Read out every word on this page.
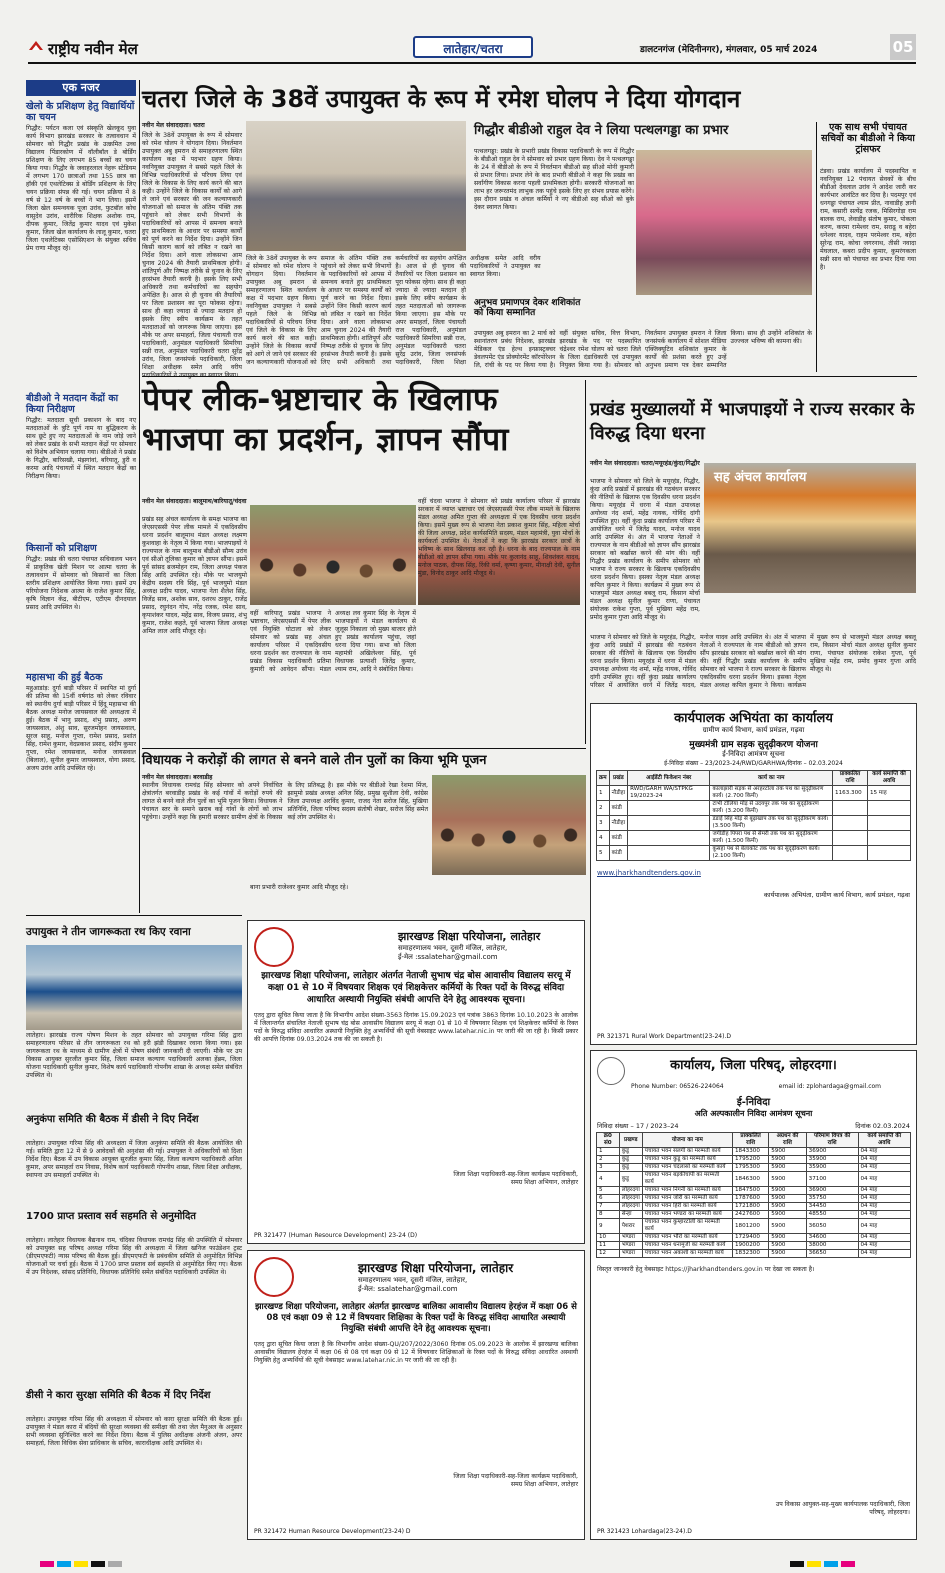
राष्ट्रीय नवीन मेल	लातेहार/चतरा	डालटनगंज (मेदिनीनगर), मंगलवार, 05 मार्च 2024	05
एक नजर
खेलो के प्रशिक्षण हेतु विद्यार्थियों का चयन
गिद्धौर: पर्यटन कला एवं संस्कृति खेलकूद युवा कार्य विभाग झारखंड सरकार के तत्वावधान में सोमवार को गिद्धौर प्रखंड के उत्क्रमित उच्च विद्यालय पिंडारकोण में वॉलीबॉल डे बोर्डिंग प्रशिक्षण के लिए लगभग 85 बच्चों का चयन किया गया। गिद्धौर के जवाहरलाल नेहरू स्टेडियम में लगभग 170 छात्राओं तथा 155 छात्र का हॉकी एवं एथलेटिक्स डे बोर्डिंग प्रशिक्षण के लिए चयन प्रक्रिया संपन्न की गई। चयन प्रक्रिया में 8 वर्ष से 12 वर्ष के बच्चों ने भाग लिया। इसमें जिला खेल समन्वयक पूजा उरांव, फुटबॉल कोच वासुदेव उरांव, शारीरिक शिक्षक अशोक राम, दीपक कुमार, जितेंद्र कुमार यादव एवं मुकेश कुमार, जिला खेल कार्यालय के लालू कुमार, चतरा जिला एथलेटिक्स एसोसिएशन के संयुक्त सचिव प्रेम राणा मौजूद रहे।
बीडीओ ने मतदान केंद्रों का किया निरीक्षण
गिद्धौर: मतदाता सूची प्रकाशन के बाद नए मतदाताओं के त्रुटि पूर्ण नाम या बुद्धिकरण के साथ छूटे हुए नए मतदाताओं के नाम जोड़े जाने को लेकर प्रखंड के सभी मतदान केंद्रों पर सोमवार को विशेष अभियान चलाया गया। बीडीओ ने प्रखंड के गिद्धौर, बारिसखी, मंझगांवां, बरियातू, डुरी व करमा आदि पंचायतों में स्थित मतदान केंद्रों का निरीक्षण किया।
किसानों को प्रशिक्षण
गिद्धौर: प्रखंड की चतरा पंचायत सचिवालय भवन में प्राकृतिक खेती मिशन पर आत्मा चतरा के तत्वावधान में सोमवार को किसानों का जिला स्तरीय प्रशिक्षण आयोजित किया गया। इसमें उप परियोजना निदेशक आत्मा के राजेश कुमार सिंह, कृषि विज्ञान केंद्र, बीटीएम, एटीएम दीनदयाल प्रसाद आदि उपस्थित थे।
महासभा की हुई बैठक
महुआडांड़: दुर्गा बाड़ी परिसर में स्थापित मां दुर्गा की प्रतिमा की 15वीं वर्षगांठ को लेकर रविवार को स्थानीय दुर्गा बाड़ी परिसर में हिंदू महासभा की बैठक अध्यक्ष मनोज जायसवाल की अध्यक्षता में हुई। बैठक में भानु प्रसाद, शंभु प्रसाद, अरुण जायसवाल, अंशु साव, सुरजमोहन जायसवाल, सूरज साहू, मनोज गुप्ता, रामेश प्रसाद, प्रशांत सिंह, रामेश कुमार, वेदप्रकाश प्रसाद, संदीप कुमार गुप्ता, रमेश जायसवाल, मनोज जायसवाल (बिलाल), सुनील कुमार जायसवाल, योगा प्रसाद, अजय उरांव आदि उपस्थित रहे।
चतरा जिले के 38वें उपायुक्त के रूप में रमेश घोलप ने दिया योगदान
नवीन मेल संवाददाता। चतरा
जिले के 38वें उपायुक्त के रूप में सोमवार को रमेश घोलप ने योगदान दिया। निवर्तमान उपायुक्त अबु इमरान से समाहरणालय स्थित कार्यालय कक्ष में पदभार ग्रहण किया। नवनियुक्त उपायुक्त ने सबसे पहले जिले के विभिन्न पदाधिकारियों से परिचय लिया एवं जिले के विकास के लिए कार्य करने की बात कही। उन्होंने जिले के विकास कार्यों को आगे ले जाने एवं सरकार की जन कल्याणकारी योजनाओं को समाज के अंतिम पंक्ति तक पहुंचाने को लेकर सभी विभागों के पदाधिकारियों को आपस में समन्वय बनाते हुए प्राथमिकता के आधार पर समस्या कार्यों को पूर्ण करने का निर्देश दिया। उन्होंने जिन किसी कारण कार्य को लंबित न रखने का निर्देश दिया। आने वाला लोकसभा आम चुनाव 2024 की तैयारी प्राथमिकता होगी। शांतिपूर्ण और निष्पक्ष तरीके से चुनाव के लिए हरसंभव तैयारी करनी है। इसके लिए सभी अधिकारी तथा कर्मचारियों का सहयोग अपेक्षित है। आज से ही चुनाव की तैयारियों पर जिला प्रशासन का पूरा फोकस रहेगा। साथ ही कहा ज्यादा से ज्यादा मतदान हो इसके लिए स्वीप कार्यक्रम के तहत मतदाताओं को जागरूक किया जाएगा। इस मौके पर अपर समाहर्ता, जिला पंचायती राज पदाधिकारी, अनुमंडल पदाधिकारी सिमरिया सन्नी राज, अनुमंडल पदाधिकारी चतरा सुरेंद्र उरांव, जिला जनसंपर्क पदाधिकारी, जिला शिक्षा अधीक्षक समेत आदि वरीय
जिले के 38वें उपायुक्त के रूप में सोमवार को रमेश घोलप ने योगदान दिया। निवर्तमान उपायुक्त अबु इमरान से समाहरणालय स्थित कार्यालय कक्ष में पदभार ग्रहण किया। नवनियुक्त उपायुक्त ने सबसे पहले जिले के विभिन्न पदाधिकारियों से परिचय लिया एवं जिले के विकास के लिए कार्य करने की बात कही। उन्होंने जिले के विकास कार्यों को आगे ले जाने एवं सरकार की जन कल्याणकारी योजनाओं को समाज के अंतिम पंक्ति तक पहुंचाने को लेकर सभी विभागों के पदाधिकारियों को आपस में समन्वय बनाते हुए प्राथमिकता के आधार पर समस्या कार्यों को पूर्ण करने का निर्देश दिया। उन्होंने जिन किसी कारण कार्य को लंबित न रखने का निर्देश दिया। आने वाला लोकसभा आम चुनाव 2024 की तैयारी प्राथमिकता होगी। शांतिपूर्ण और निष्पक्ष तरीके से चुनाव के लिए हरसंभव तैयारी करनी है। इसके लिए सभी अधिकारी तथा कर्मचारियों का सहयोग अपेक्षित है। आज से ही चुनाव की तैयारियों पर जिला प्रशासन का पूरा फोकस रहेगा। साथ ही कहा ज्यादा से ज्यादा मतदान हो इसके लिए स्वीप कार्यक्रम के तहत मतदाताओं को जागरूक किया जाएगा। इस मौके पर अपर समाहर्ता, जिला पंचायती राज पदाधिकारी, अनुमंडल पदाधिकारी सिमरिया सन्नी राज, अनुमंडल पदाधिकारी चतरा सुरेंद्र उरांव, जिला जनसंपर्क पदाधिकारी, जिला शिक्षा अधीक्षक समेत आदि वरीय पदाधिकारियों ने उपायुक्त का स्वागत किया।
गिद्धौर बीडीओ राहुल देव ने लिया पत्थलगड्डा का प्रभार
पत्थलगड्डा: प्रखंड के प्रभारी प्रखंड विकास पदाधिकारी के रूप में गिद्धौर के बीडीओ राहुल देव ने सोमवार को प्रभार ग्रहण किया। देव ने पत्थलगड्डा के 24 वें बीडीओ के रूप में निवर्तमान बीडीओ सह सीओ मोनी कुमारी से प्रभार लिया। प्रभार लेने के बाद प्रभारी बीडीओ ने कहा कि प्रखंड का सर्वांगीण विकास करना पहली प्राथमिकता होगी। सरकारी योजनाओं का लाभ हर जरूरतमंद लाभुक तक पहुंचे इसके लिए हर संभव प्रयास करेंगे। इस दौरान प्रखंड व अंचल कर्मियों ने नए बीडीओ सह सीओ को बुके देकर स्वागत किया।
अनुभव प्रमाणपत्र देकर शशिकांत को किया सम्मानित
उपायुक्त अबु इमरान का 2 मार्च को स्थानांतरण प्रबंध निदेशक, झारखंड मेडिकल एंड हेल्थ इन्फ्रास्ट्रक्चर डेवलपमेंट एंड प्रोक्योरमेंट कॉरपोरेशन लि, रांची के पद पर किया गया है। वहीं संयुक्त सचिव, वित्त विभाग, झारखंड के पद पर पदस्थापित चंद्रेश्वर रमेश घोलप को चतरा जिले के जिला दंडाधिकारी एवं उपायुक्त नियुक्त किया गया है। सोमवार को निवर्तमान उपायुक्त इमरान ने जिला जनसंपर्क कार्यालय में सोशल मीडिया एक्जिक्यूटिव शशिकांत कुमार के कार्यों की प्रशंसा करते हुए उन्हें अनुभव प्रमाण पत्र देकर सम्मानित किया। साथ ही उन्होंने शशिकांत के उज्ज्वल भविष्य की कामना की।
एक साथ सभी पंचायत सचिवों का बीडीओ ने किया ट्रांसफर
टंडवा। प्रखंड कार्यालय में पदस्थापित व नवनियुक्त 12 पंचायत सेवकों के बीच बीडीओ देवलाल उरांव ने आदेश जारी कर कार्यभार आवंटित कर दिया है। पदमपुर एवं धनगड्डा पंचायत श्याम प्रीत, नावाडीह ज्ञानी राम, कसारी सत्येंद्र रजक, मिसिरगोड़ा राम बालक राय, लेवाडीह संतोष कुमार, पोकला करण, करमा रामेश्वर राम, सराढू व बहेरा धनेश्वर यादव, राहम परमेश्वर राम, बहेरा सुरेन्द्र राम, कोचा जगरनाथ, तीसी नवादा मेघलाल, कबरा प्रदीप कुमार, कुमरंगकला सन्नी साव को पंचायत का प्रभार दिया गया है।
पेपर लीक-भ्रष्टाचार के खिलाफ
भाजपा का प्रदर्शन, ज्ञापन सौंपा
नवीन मेल संवाददाता। बालूमाथ/बारियातू/चंदवा
प्रखंड सह अंचल कार्यालय के समक्ष भाजपा का जेएसएससी पेपर लीक मामले में एकदिवसीय धरना प्रदर्शन बालूमाथ मंडल अध्यक्ष लक्ष्मण कुशवाहा के नेतृत्व में किया गया। भाजपाइयों ने राज्यपाल के नाम बालूमाथ बीडीओ सौम्य उरांव एवं सीओ तूलिका कुमार को ज्ञापन सौंपा। इसमें पूर्व सांसद ब्रजमोहन राम, जिला अध्यक्ष पंकज सिंह आदि उपस्थित रहे। मौके पर भाजयुमो केंद्रीय सदस्य रवि सिंह, पूर्व भाजयुमो मंडल अध्यक्ष प्रदीप यादव, भाजपा नेता शैलेश सिंह, विजेंद्र साव, अशोक साव, दशरथ ठाकुर, राजेंद्र प्रसाद, रघुनंदन गोप, नरेंद्र रजक, रमेश साव, कृपाशंकर यादव, महेंद्र साव, विजय प्रसाद, शंभु कुमार, राजेश कहते, पूर्व भाजपा जिला अध्यक्ष अमित लाल आदि मौजूद रहे।
वहीं बारियातू प्रखंड भाजपा ने भ्रष्टाचार, जेएसएससी में पेपर लीक एवं नियुक्ति घोटाला को लेकर सोमवार को प्रखंड सह अंचल कार्यालय परिसर में एकदिवसीय धरना प्रदर्शन कर राज्यपाल के नाम प्रखंड विकास पदाधिकारी प्रतिमा कुमारी को आवेदन सौंपा। मंडल अध्यक्ष लव कुमार सिंह के नेतृत्व में भाजपाइयों ने मंडल कार्यालय से जुलूस निकाला जो मुख्य बाजार होते हुए प्रखंड कार्यालय पहुंचा, जहां धरना दिया गया। सभा को जिला महामंत्री अखिलेश्वर सिंह, पूर्व विधायक प्रत्याशी जितेंद्र कुमार, श्याम राम, आदि ने संबोधित किया।
वहीं चंदवा भाजपा ने सोमवार को प्रखंड कार्यालय परिसर में झारखंड सरकार में व्याप्त भ्रष्टाचार एवं जेएसएससी पेपर लीक मामले के खिलाफ मंडल अध्यक्ष अमित गुप्ता की अध्यक्षता में एक दिवसीय धरना प्रदर्शन किया। इसमें मुख्य रूप से भाजपा नेता प्रकाश कुमार सिंह, महिला मोर्चा की जिला अध्यक्ष, प्रदेश कार्यसमिति सदस्य, मंडल महामंत्री, युवा मोर्चा के कार्यकर्ता उपस्थित थे। नेताओं ने कहा कि झारखंड सरकार छात्रों के भविष्य के साथ खिलवाड़ कर रही है। धरना के बाद राज्यपाल के नाम बीडीओ को ज्ञापन सौंपा गया। मौके पर कुलानंद साहू, शिवशंकर यादव, मनोज पाठक, दीपक सिंह, रिंकी वर्मा, कृष्णा कुमार, मीनाक्षी देवी, सुनील मुंडा, विनोद ठाकुर आदि मौजूद थे।
प्रखंड मुख्यालयों में भाजपाइयों ने राज्य सरकार के विरुद्ध दिया धरना
नवीन मेल संवाददाता। चतरा/मयूरहंड/कुंदा/गिद्धौर
भाजपा ने सोमवार को जिले के मयूरहंड, गिद्धौर, कुंदा आदि प्रखंडों में झारखंड की गठबंधन सरकार की नीतियों के खिलाफ एक दिवसीय धरना प्रदर्शन किया। मयूरहंड में धरना में मंडल उपाध्यक्ष अयोध्या नंद शर्मा, महेंद्र नायक, गोविंद दांगी उपस्थित हुए। वहीं कुंदा प्रखंड कार्यालय परिसर में आयोजित धरने में जितेंद्र यादव, मनोज यादव आदि उपस्थित थे। अंत में भाजपा नेताओं ने राज्यपाल के नाम बीडीओ को ज्ञापन सौंप झारखंड सरकार को बर्खास्त करने की मांग की। वहीं गिद्धौर प्रखंड कार्यालय के समीप सोमवार को भाजपा ने राज्य सरकार के खिलाफ एकदिवसीय धरना प्रदर्शन किया। इसका नेतृत्व मंडल अध्यक्ष कपिल कुमार ने किया। कार्यक्रम में मुख्य रूप से भाजयुमो मंडल अध्यक्ष बबलू राम, किसान मोर्चा मंडल अध्यक्ष सुनील कुमार राणा, पंचायत संयोजक राकेश गुप्ता, पूर्व मुखिया महेंद्र राम, प्रमोद कुमार गुप्ता आदि मौजूद थे।
सह अंचल कार्यालय
भाजपा ने सोमवार को जिले के मयूरहंड, गिद्धौर, कुंदा आदि प्रखंडों में झारखंड की गठबंधन सरकार की नीतियों के खिलाफ एक दिवसीय धरना प्रदर्शन किया। मयूरहंड में धरना में मंडल उपाध्यक्ष अयोध्या नंद शर्मा, महेंद्र नायक, गोविंद दांगी उपस्थित हुए। वहीं कुंदा प्रखंड कार्यालय परिसर में आयोजित धरने में जितेंद्र यादव, मनोज यादव आदि उपस्थित थे। अंत में भाजपा नेताओं ने राज्यपाल के नाम बीडीओ को ज्ञापन सौंप झारखंड सरकार को बर्खास्त करने की मांग की। वहीं गिद्धौर प्रखंड कार्यालय के समीप सोमवार को भाजपा ने राज्य सरकार के खिलाफ एकदिवसीय धरना प्रदर्शन किया। इसका नेतृत्व मंडल अध्यक्ष कपिल कुमार ने किया। कार्यक्रम में मुख्य रूप से भाजयुमो मंडल अध्यक्ष बबलू राम, किसान मोर्चा मंडल अध्यक्ष सुनील कुमार राणा, पंचायत संयोजक राकेश गुप्ता, पूर्व मुखिया महेंद्र राम, प्रमोद कुमार गुप्ता आदि मौजूद थे।
कार्यपालक अभियंता का कार्यालय
ग्रामीण कार्य विभाग, कार्य प्रमंडल, गढ़वा
मुख्यमंत्री ग्राम सड़क सुदृढ़ीकरण योजना
ई-निविदा आमंत्रण सूचना
ई-निविदा संख्या – 23/2023-24/RWD/GARHWA/दिनांक – 02.03.2024
क्रम	प्रखंड	आईडेंटी फिकेशन नंबर	कार्य का नाम	प्राक्कलित राशि	कार्य समाप्ति की अवधि
1	नौडीहा	RWD/GARH WA/STPKG 19/2023-24	कालाझारी सड़क से अरहरटोला तक पथ का सुदृढ़ीकरण कार्य। (2.700 किमी)	1163.300	15 माह
2	कांडी		टाभी टोलिया मोड़ से उदयपुर तक पथ का सुदृढ़ीकरण कार्य। (3.200 किमी)		
3	नौडीहा		डंडाई सिंह मोड़ से बूढ़ाखाप तक पथ का सुदृढ़ीकरण कार्य। (3.500 किमी)		
4	कांडी		जगीडीह पिपरा पथ से सेमरी तक पथ का सुदृढ़ीकरण कार्य। (1.500 किमी)		
5	कांडी		कूसहा पथ से बेलाकोट तक पथ का सुदृढ़ीकरण कार्य। (2.100 किमी)		
www.jharkhandtenders.gov.in
कार्यपालक अभियंता, ग्रामीण कार्य विभाग, कार्य प्रमंडल, गढ़वा
PR 321371 Rural Work Department(23-24).D
विधायक ने करोड़ों की लागत से बनने वाले तीन पुलों का किया भूमि पूजन
नवीन मेल संवाददाता। बरवाडीह
स्थानीय विधायक रामचंद्र सिंह सोमवार को अपने निर्वाचित क्षेत्रांतर्गत बरवाडीह प्रखंड के कई गांवों में करोड़ों रुपये की लागत से बनने वाले तीन पुलों का भूमि पूजन किया। विधायक ने पंचायत स्तर के समाने खराब कई गांवों के लोगों को लाभ पहुंचेगा। उन्होंने कहा कि हमारी सरकार ग्रामीण क्षेत्रों के विकास के लिए प्रतिबद्ध है। इस मौके पर बीडीओ रेखा रेशमा मिंज, झामुमो प्रखंड अध्यक्ष अनिल सिंह, प्रमुख सुशीला देवी, कांग्रेस जिला उपाध्यक्ष अरविंद कुमार, राजद नेता सरोज सिंह, मुखिया प्रतिनिधि, जिला परिषद सदस्य संतोषी शेखर, सरोज सिंह समेत कई लोग उपस्थित थे।
बाना प्रभारी राजेश्वर कुमार आदि मौजूद रहे।
उपायुक्त ने तीन जागरूकता रथ किए रवाना
लातेहार। झारखंड राज्य पोषण मिशन के तहत सोमवार को उपायुक्त गरिमा सिंह द्वारा समाहरणालय परिसर से तीन जागरूकता रथ को हरी झंडी दिखाकर रवाना किया गया। इस जागरूकता रथ के माध्यम से ग्रामीण क्षेत्रों में पोषण संबंधी जानकारी दी जाएगी। मौके पर उप विकास आयुक्त सुरजीत कुमार सिंह, जिला समाज कल्याण पदाधिकारी अलका हेंब्रम, जिला योजना पदाधिकारी सुनील कुमार, विशेष कार्य पदाधिकारी गोपनीय शाखा के अध्यक्ष समेत संबंधित उपस्थित थे।
अनुकंपा समिति की बैठक में डीसी ने दिए निर्देश
लातेहार। उपायुक्त गरिमा सिंह की अध्यक्षता में जिला अनुकंपा समिति की बैठक आयोजित की गई। समिति द्वारा 12 में से 9 आवेदकों की अनुशंसा की गई। उपायुक्त ने अधिकारियों को दिशा निर्देश दिए। बैठक में उप विकास आयुक्त सुरजीत कुमार सिंह, जिला कल्याण पदाधिकारी अनिल कुमार, अपर समाहर्ता राम निवास, विशेष कार्य पदाधिकारी गोपनीय शाखा, जिला शिक्षा अधीक्षक, स्थापना उप समाहर्ता उपस्थित थे।
1700 प्राप्त प्रस्ताव सर्व सहमति से अनुमोदित
लातेहार। लातेहार विधायक बैद्यनाथ राम, चंदिका विधायक रामचंद्र सिंह की उपस्थिति में सोमवार को उपायुक्त सह परिषद अध्यक्ष गरिमा सिंह की अध्यक्षता में जिला खनिज फाउंडेशन ट्रस्ट (डीएमएफटी) न्यास परिषद की बैठक हुई। डीएमएफटी के प्रबंधकीय समिति से अनुमोदित विभिन्न योजनाओं पर चर्चा हुई। बैठक में 1700 प्राप्त प्रस्ताव सर्व सहमति से अनुमोदित किए गए। बैठक में उप निदेशक, सांसद प्रतिनिधि, विधायक प्रतिनिधि समेत संबंधित पदाधिकारी उपस्थित थे।
डीसी ने कारा सुरक्षा समिति की बैठक में दिए निर्देश
लातेहार। उपायुक्त गरिमा सिंह की अध्यक्षता में सोमवार को कारा सुरक्षा समिति की बैठक हुई। उपायुक्त ने मंडल कारा में बंदियों की सुरक्षा व्यवस्था की समीक्षा की तथा जेल मैनुअल के अनुसार सभी व्यवस्था सुनिश्चित करने का निर्देश दिया। बैठक में पुलिस अधीक्षक अंजनी अंजन, अपर समाहर्ता, जिला विधिक सेवा प्राधिकार के सचिव, काराधीक्षक आदि उपस्थित थे।
झारखण्ड शिक्षा परियोजना, लातेहार
समाहरणालय भवन, दूसरी मंजिल, लातेहार,
ई-मेल :ssalatehar@gmail.com
झारखण्ड शिक्षा परियोजना, लातेहार अंतर्गत नेताजी सुभाष चंद्र बोस आवासीय विद्यालय सरयू में कक्षा 01 से 10 में विषयवार शिक्षक एवं शिक्षकेत्तर कर्मियों के रिक्त पदों के विरुद्ध संविदा आधारित अस्थायी नियुक्ति संबंधी आपत्ति देने हेतु आवश्यक सूचना।
एतद् द्वारा सूचित किया जाता है कि विभागीय आदेश संख्या-3563 दिनांक 15.09.2023 एवं पत्रांक 3863 दिनांक 10.10.2023 के आलोक में जिलान्तर्गत संचालित नेताजी सुभाष चंद्र बोस आवासीय विद्यालय सरयू में कक्षा 01 से 10 में विषयवार शिक्षक एवं शिक्षकेत्तर कर्मियों के रिक्त पदों के विरुद्ध संविदा आधारित अस्थायी नियुक्ति हेतु अभ्यर्थियों की सूची वेबसाइट www.latehar.nic.in पर जारी की जा रही है। किसी प्रकार की आपत्ति दिनांक 09.03.2024 तक की जा सकती है।
जिला शिक्षा पदाधिकारी-सह-जिला कार्यक्रम पदाधिकारी, समग्र शिक्षा अभियान, लातेहार
PR 321477 (Human Resource Development) 23-24 (D)
झारखण्ड शिक्षा परियोजना, लातेहार
समाहरणालय भवन, दूसरी मंजिल, लातेहार,
ई-मेल: ssalatehar@gmail.com
झारखण्ड शिक्षा परियोजना, लातेहार अंतर्गत झारखण्ड बालिका आवासीय विद्यालय हेरहंज में कक्षा 06 से 08 एवं कक्षा 09 से 12 में विषयवार शिक्षिका के रिक्त पदों के विरुद्ध संविदा आधारित अस्थायी नियुक्ति संबंधी आपत्ति देने हेतु आवश्यक सूचना।
एतद् द्वारा सूचित किया जाता है कि विभागीय आदेश संख्या-QU/207/2022/3060 दिनांक 05.09.2023 के आलोक में झारखण्ड बालिका आवासीय विद्यालय हेरहंज में कक्षा 06 से 08 एवं कक्षा 09 से 12 में विषयवार शिक्षिकाओं के रिक्त पदों के विरुद्ध संविदा आधारित अस्थायी नियुक्ति हेतु अभ्यर्थियों की सूची वेबसाइट www.latehar.nic.in पर जारी की जा रही है।
जिला शिक्षा पदाधिकारी-सह-जिला कार्यक्रम पदाधिकारी, समग्र शिक्षा अभियान, लातेहार
PR 321472 Human Resource Development(23-24) D
कार्यालय, जिला परिषद्, लोहरदगा।
Phone Number: 06526-224064	email id: zplohardaga@gmail.com
ई-निविदा
अति अल्पकालीन निविदा आमंत्रण सूचना
निविदा संख्या – 17 / 2023–24	दिनांक 02.03.2024
क्र0 सं0	प्रखण्ड	योजना का नाम	प्राक्कलित राशि	अग्रधन की राशि	परिमाण विपत्र की राशि	कार्य समाप्ति की अवधि
1	कुडू	पंचायत भवन सलगी का मरम्मती कार्य	1843300	5900	36900	04 माह
2	कुडू	पंचायत भवन कुडू का मरम्मती कार्य	1795200	5900	35900	04 माह
3	कुडू	पंचायत भवन चंदलासो का मरम्मती कार्य	1795300	5900	35900	04 माह
4	कुडू	पंचायत भवन बड़कीचांपी का मरम्मती कार्य	1846300	5900	37100	04 माह
5	लोहरदगा	पंचायत भवन निगनी का मरम्मती कार्य	1847500	5900	36900	04 माह
6	लोहरदगा	पंचायत भवन जोरी का मरम्मती कार्य	1787600	5900	35750	04 माह
7	लोहरदगा	पंचायत भवन हिर्री का मरम्मती कार्य	1721800	5900	34450	04 माह
8	सेन्हा	पंचायत भवन भण्डरा का मरम्मती कार्य	2427600	5900	48550	04 माह
9	पेशरार	पंचायत भवन कुम्हारटोली का मरम्मती कार्य	1801200	5900	36050	04 माह
10	भण्डरा	पंचायत भवन भौंरो का मरम्मती कार्य	1729400	5900	34600	04 माह
11	भण्डरा	पंचायत भवन धनामुंजी का मरम्मती कार्य	1900200	5900	38000	04 माह
12	भण्डरा	पंचायत भवन अकाशी का मरम्मती कार्य	1832300	5900	36650	04 माह
विस्तृत जानकारी हेतु वेबसाइट https://jharkhandtenders.gov.in पर देखा जा सकता है।
उप विकास आयुक्त-सह-मुख्य कार्यपालक पदाधिकारी, जिला परिषद्, लोहरदगा।
PR 321423 Lohardaga(23-24).D
